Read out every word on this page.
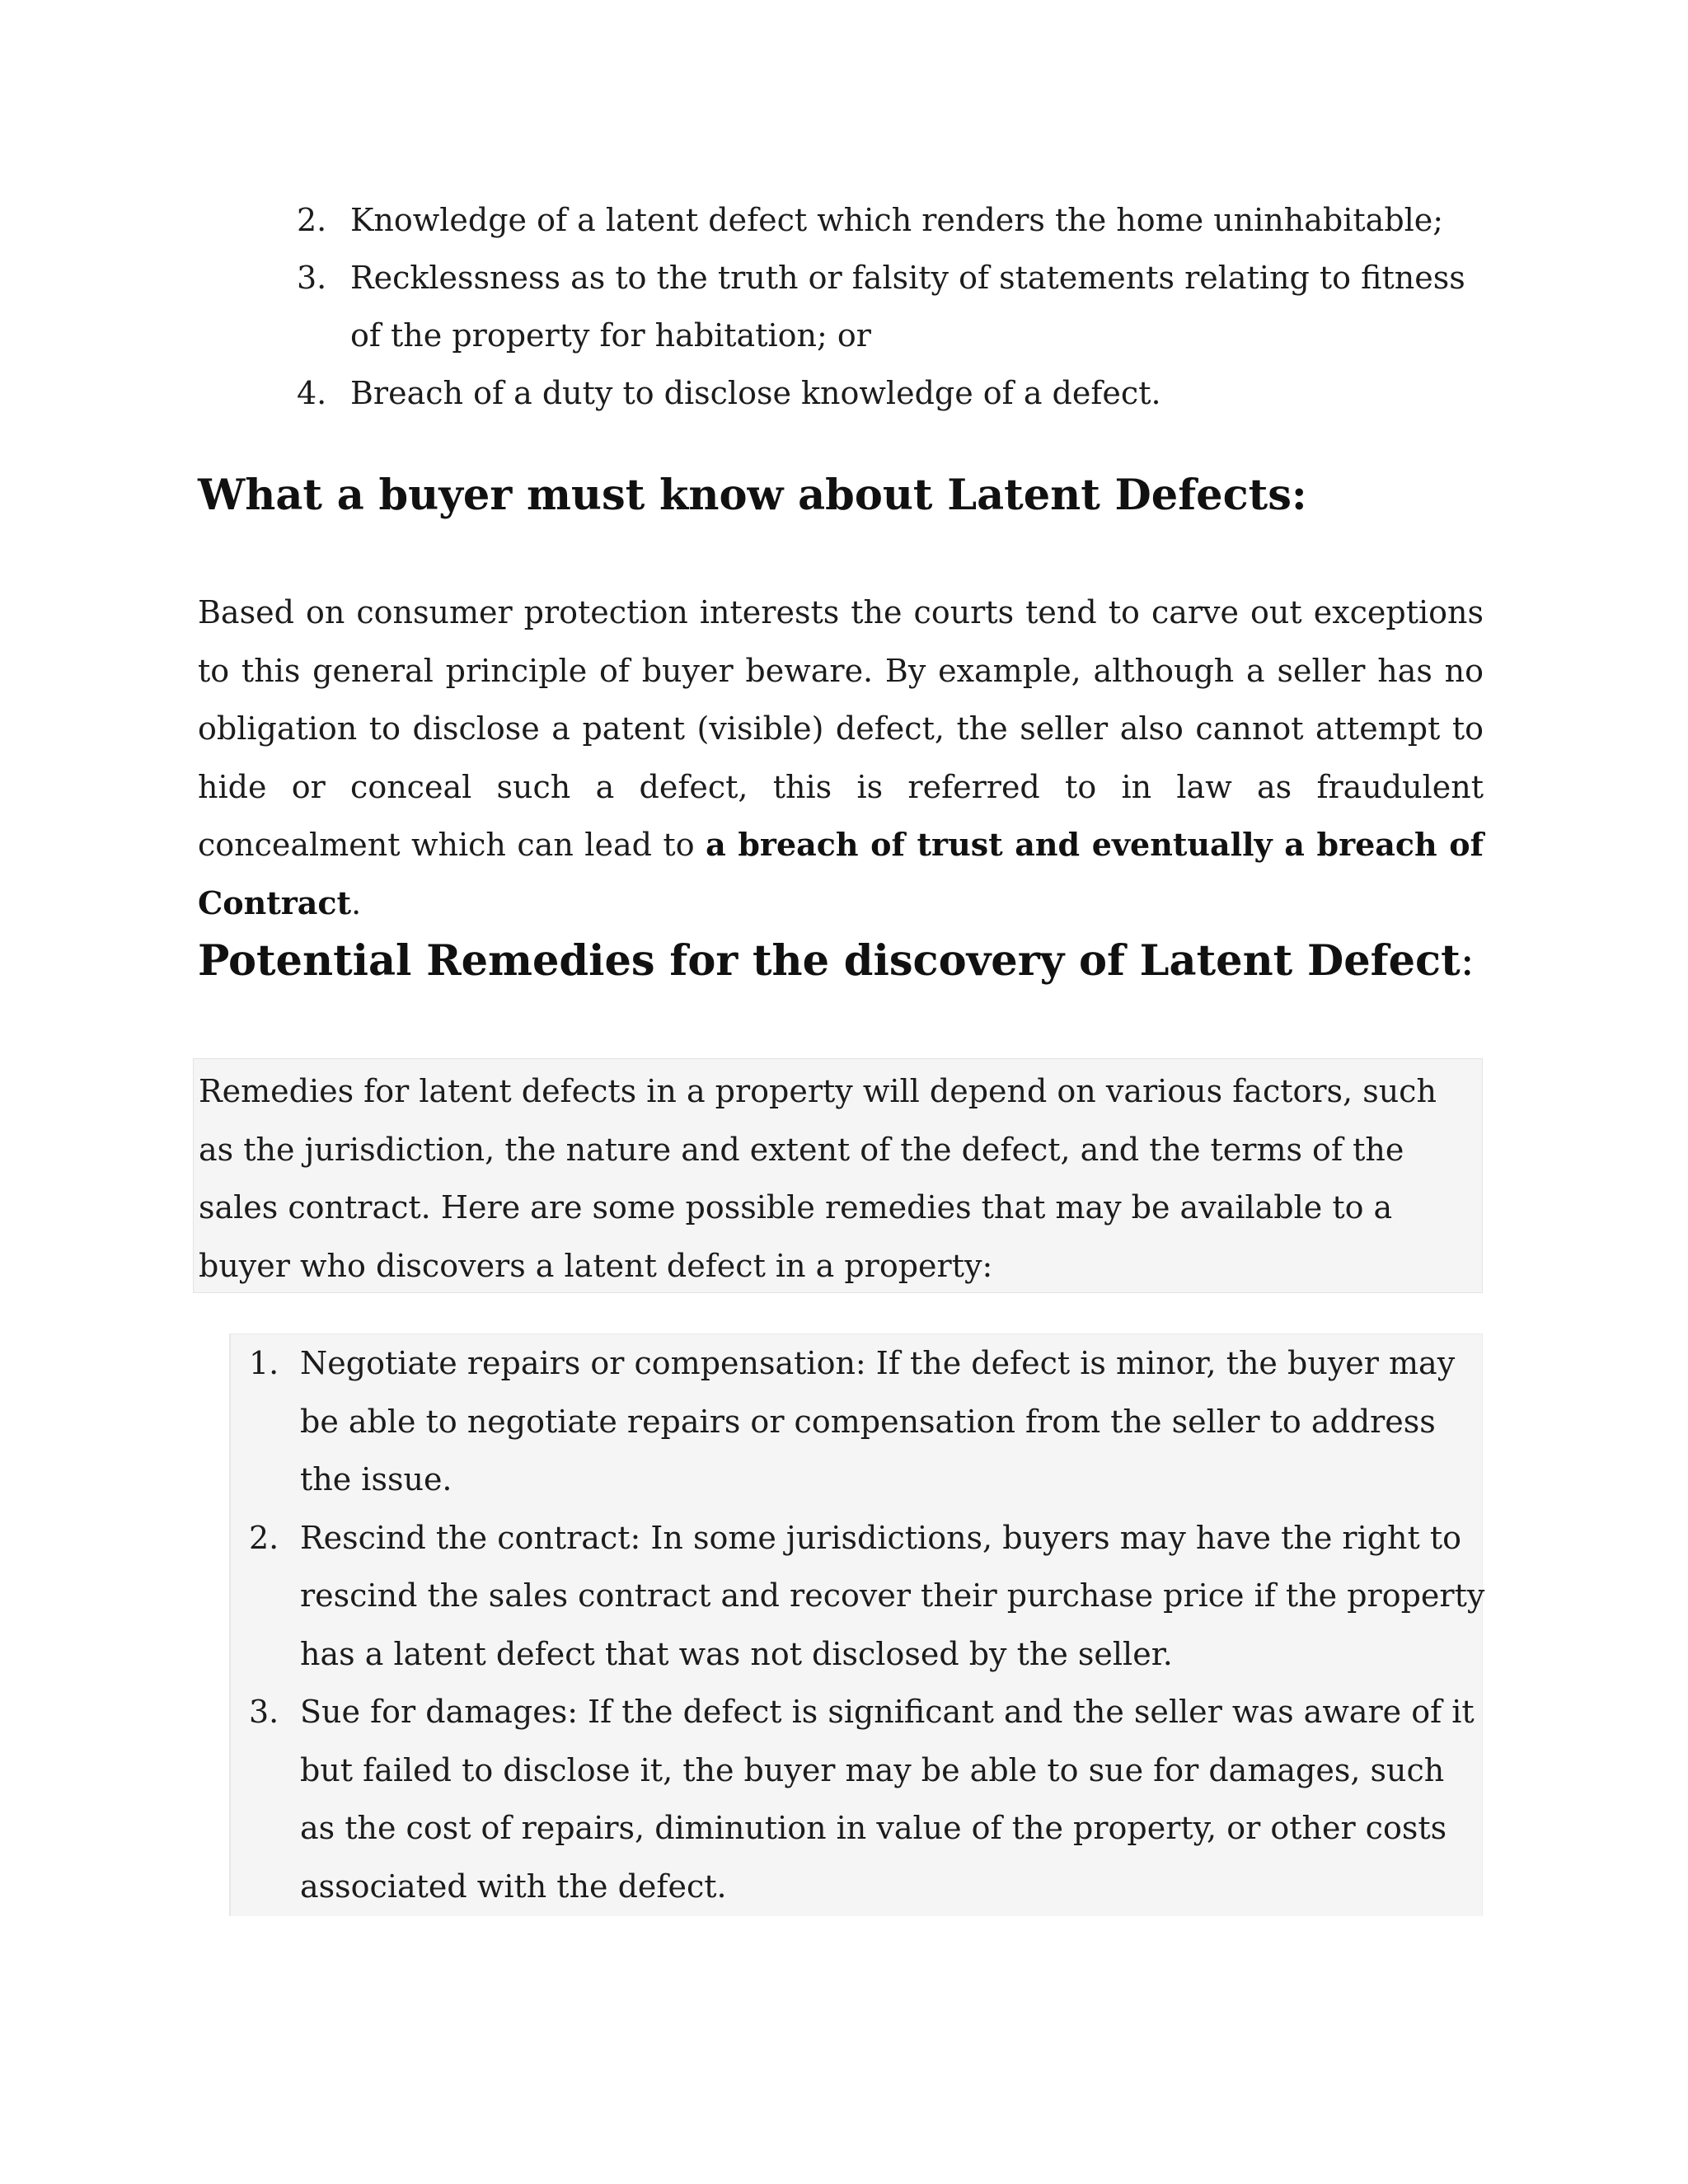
2. Knowledge of a latent defect which renders the home uninhabitable;
3. Recklessness as to the truth or falsity of statements relating to fitness of the property for habitation; or
4. Breach of a duty to disclose knowledge of a defect.
What a buyer must know about Latent Defects:

Based on consumer protection interests the courts tend to carve out exceptions to this general principle of buyer beware. By example, although a seller has no obligation to disclose a patent (visible) defect, the seller also cannot attempt to hide or conceal such a defect, this is referred to in law as fraudulent concealment which can lead to a breach of trust and eventually a breach of Contract.

Potential Remedies for the discovery of Latent Defect:
Remedies for latent defects in a property will depend on various factors, such as the jurisdiction, the nature and extent of the defect, and the terms of the sales contract. Here are some possible remedies that may be available to a buyer who discovers a latent defect in a property:
1. Negotiate repairs or compensation: If the defect is minor, the buyer may be able to negotiate repairs or compensation from the seller to address the issue.
2. Rescind the contract: In some jurisdictions, buyers may have the right to rescind the sales contract and recover their purchase price if the property has a latent defect that was not disclosed by the seller.
3. Sue for damages: If the defect is significant and the seller was aware of it but failed to disclose it, the buyer may be able to sue for damages, such as the cost of repairs, diminution in value of the property, or other costs associated with the defect.
